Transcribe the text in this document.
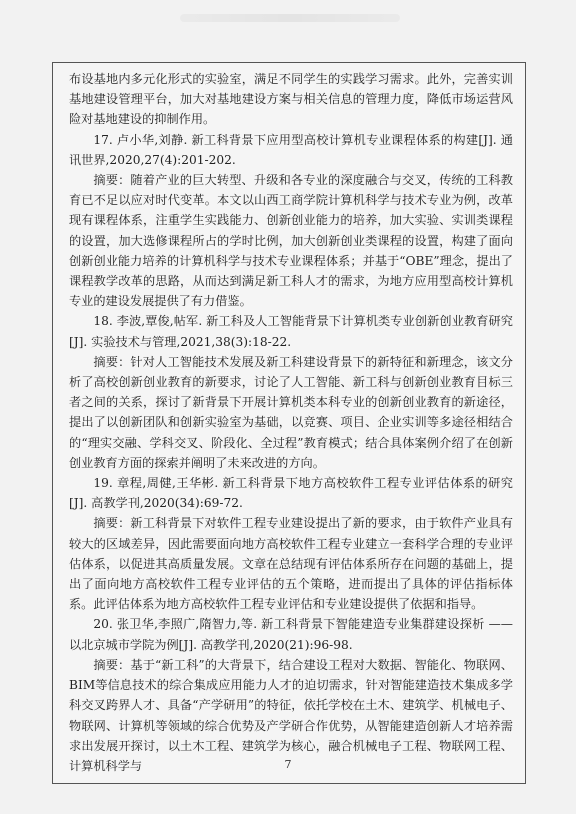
布设基地内多元化形式的实验室，满足不同学生的实践学习需求。此外，完善实训基地建设管理平台，加大对基地建设方案与相关信息的管理力度，降低市场运营风险对基地建设的抑制作用。

17. 卢小华,刘静. 新工科背景下应用型高校计算机专业课程体系的构建[J]. 通讯世界,2020,27(4):201-202.

摘要：随着产业的巨大转型、升级和各专业的深度融合与交叉，传统的工科教育已不足以应对时代变革。本文以山西工商学院计算机科学与技术专业为例，改革现有课程体系，注重学生实践能力、创新创业能力的培养，加大实验、实训类课程的设置，加大选修课程所占的学时比例，加大创新创业类课程的设置，构建了面向创新创业能力培养的计算机科学与技术专业课程体系；并基于“OBE”理念，提出了课程教学改革的思路，从而达到满足新工科人才的需求，为地方应用型高校计算机专业的建设发展提供了有力借鉴。

18. 李波,覃俊,帖军. 新工科及人工智能背景下计算机类专业创新创业教育研究[J]. 实验技术与管理,2021,38(3):18-22.

摘要：针对人工智能技术发展及新工科建设背景下的新特征和新理念，该文分析了高校创新创业教育的新要求，讨论了人工智能、新工科与创新创业教育目标三者之间的关系，探讨了新背景下开展计算机类本科专业的创新创业教育的新途径，提出了以创新团队和创新实验室为基础，以竞赛、项目、企业实训等多途径相结合的“理实交融、学科交叉、阶段化、全过程”教育模式；结合具体案例介绍了在创新创业教育方面的探索并阐明了未来改进的方向。

19. 章程,周健,王华彬. 新工科背景下地方高校软件工程专业评估体系的研究[J]. 高教学刊,2020(34):69-72.

摘要：新工科背景下对软件工程专业建设提出了新的要求，由于软件产业具有较大的区域差异，因此需要面向地方高校软件工程专业建立一套科学合理的专业评估体系，以促进其高质量发展。文章在总结现有评估体系所存在问题的基础上，提出了面向地方高校软件工程专业评估的五个策略，进而提出了具体的评估指标体系。此评估体系为地方高校软件工程专业评估和专业建设提供了依据和指导。

20. 张卫华,李照广,隋智力,等. 新工科背景下智能建造专业集群建设探析 ——以北京城市学院为例[J]. 高教学刊,2020(21):96-98.

摘要：基于“新工科”的大背景下，结合建设工程对大数据、智能化、物联网、BIM等信息技术的综合集成应用能力人才的迫切需求，针对智能建造技术集成多学科交叉跨界人才、具备“产学研用”的特征，依托学校在土木、建筑学、机械电子、物联网、计算机等领域的综合优势及产学研合作优势，从智能建造创新人才培养需求出发展开探讨，以土木工程、建筑学为核心，融合机械电子工程、物联网工程、计算机科学与	7
